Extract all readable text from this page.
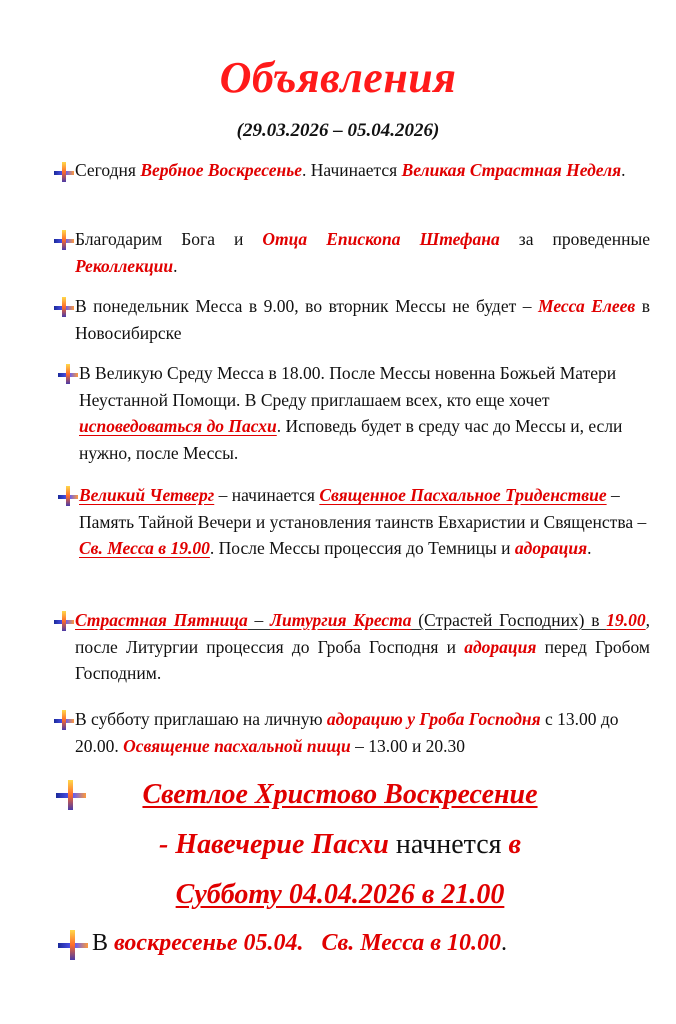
Объявления
(29.03.2026 – 05.04.2026)

Сегодня Вербное Воскресенье. Начинается Великая Страстная Неделя.

Благодарим Бога и Отца Епископа Штефана за проведенные Реколлекции.

В понедельник Месса в 9.00, во вторник Мессы не будет – Месса Елеев в Новосибирске

В Великую Среду Месса в 18.00. После Мессы новенна Божьей Матери Неустанной Помощи. В Среду приглашаем всех, кто еще хочет исповедоваться до Пасхи. Исповедь будет в среду час до Мессы и, если нужно, после Мессы.

Великий Четверг – начинается Священное Пасхальное Триденствие – Память Тайной Вечери и установления таинств Евхаристии и Священства – Св. Месса в 19.00. После Мессы процессия до Темницы и адорация.

Страстная Пятница – Литургия Креста (Страстей Господних) в 19.00, после Литургии процессия до Гроба Господня и адорация перед Гробом Господним.

В субботу приглашаю на личную адорацию у Гроба Господня с 13.00 до 20.00. Освящение пасхальной пищи – 13.00 и 20.30

Светлое Христово Воскресение
- Навечерие Пасхи начнется в
Субботу 04.04.2026 в 21.00
В воскресенье 05.04. Св. Месса в 10.00.
